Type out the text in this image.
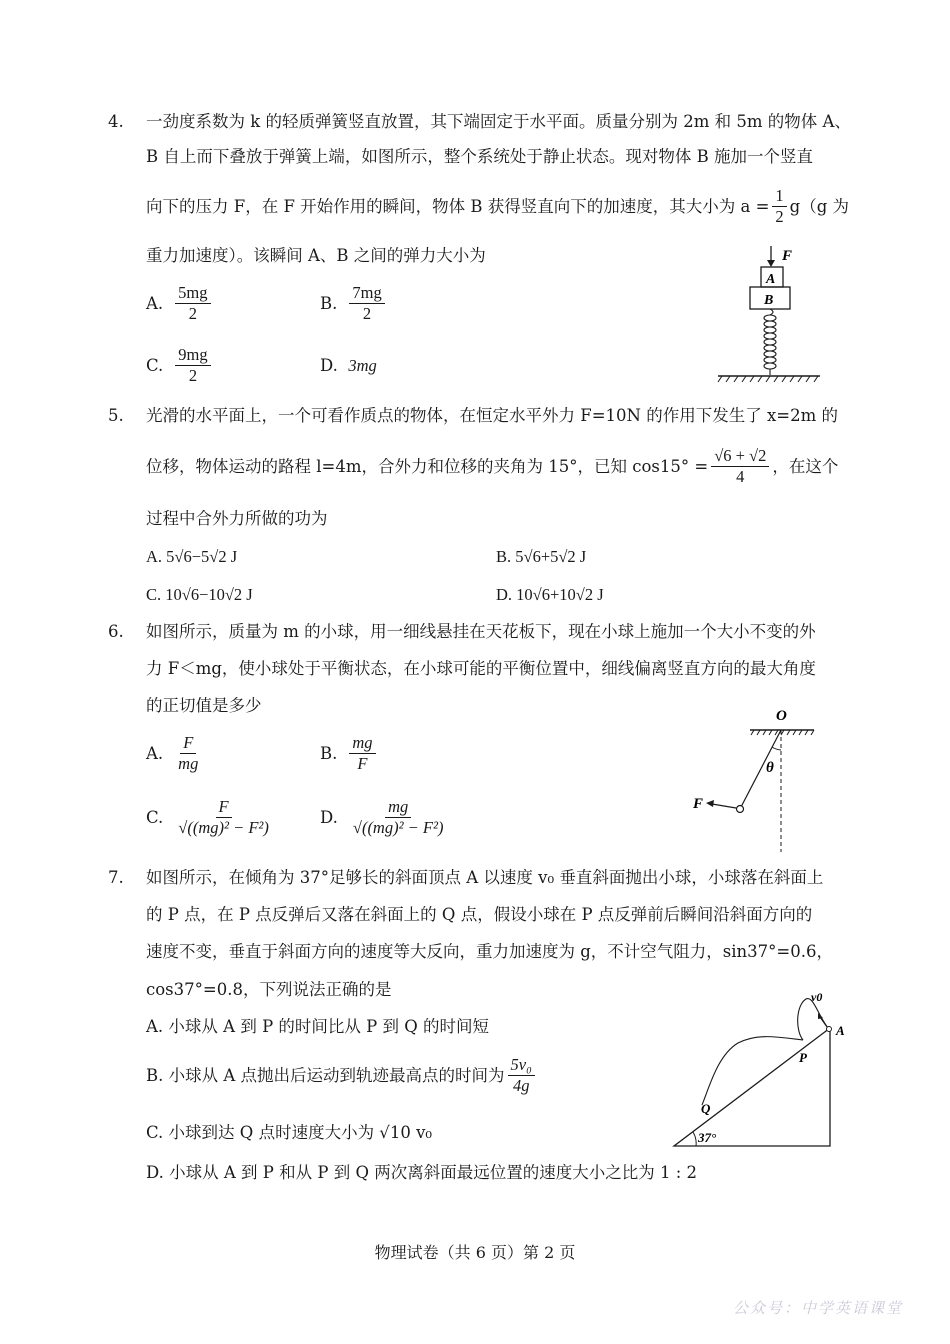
4. 一劲度系数为 k 的轻质弹簧竖直放置，其下端固定于水平面。质量分别为 2m 和 5m 的物体 A、
B 自上而下叠放于弹簧上端，如图所示，整个系统处于静止状态。现对物体 B 施加一个竖直
向下的压力 F，在 F 开始作用的瞬间，物体 B 获得竖直向下的加速度，其大小为 $a = \frac{1}{2} g(g$ 为
重力加速度）。该瞬间 A、B 之间的弹力大小为
A. $\frac{5mg}{2}$	B. $\frac{7mg}{2}$
C. $\frac{9mg}{2}$	D. 3mg
F
A
B
5. 光滑的水平面上，一个可看作质点的物体，在恒定水平外力 F=10N 的作用下发生了 x=2m 的
位移，物体运动的路程 l=4m，合外力和位移的夹角为 15°，已知 $\cos 15^\circ = \frac{√6 + √2}{4}$ ，在这个
过程中合外力所做的功为
A. 5√6−5√2 J	B. 5√6+5√2 J
C. 10√6−10√2 J	D. 10√6+10√2 J
6. 如图所示，质量为 m 的小球，用一细线悬挂在天花板下，现在小球上施加一个大小不变的外
力 F＜mg，使小球处于平衡状态，在小球可能的平衡位置中，细线偏离竖直方向的最大角度
的正切值是多少
A. $\frac{F}{mg}$	B. $\frac{mg}{F}$
C. $\frac{F}{\text{√((mg)² − F²)}}$	D. $\frac{mg}{\text{√((mg)² − F²)}}$
O
θ
F
7. 如图所示，在倾角为 37°足够长的斜面顶点 A 以速度 v₀ 垂直斜面抛出小球，小球落在斜面上
的 P 点，在 P 点反弹后又落在斜面上的 Q 点，假设小球在 P 点反弹前后瞬间沿斜面方向的
速度不变，垂直于斜面方向的速度等大反向，重力加速度为 g，不计空气阻力，sin37°=0.6，
cos37°=0.8，下列说法正确的是
A. 小球从 A 到 P 的时间比从 P 到 Q 的时间短
B.
小球从 A 点抛出后运动到轨迹最高点的时间为 $\frac{\text{5v₀}}{4g}$
C. 小球到达 Q 点时速度大小为 √10 v₀
D. 小球从 A 到 P 和从 P 到 Q 两次离斜面最远位置的速度大小之比为 1 : 2
37°
v0
A
P
Q
物理试卷（共 6 页）第 2 页
公众号：中学英语课堂
